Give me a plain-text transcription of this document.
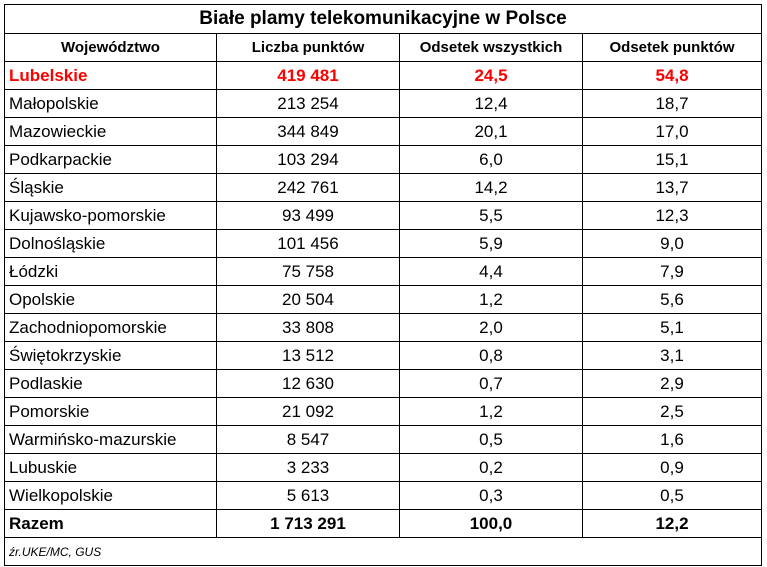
Białe plamy telekomunikacyjne w Polsce			
Województwo	Liczba punktów	Odsetek wszystkich	Odsetek punktów
Lubelskie	419 481	24,5	54,8
Małopolskie	213 254	12,4	18,7
Mazowieckie	344 849	20,1	17,0
Podkarpackie	103 294	6,0	15,1
Śląskie	242 761	14,2	13,7
Kujawsko-pomorskie	93 499	5,5	12,3
Dolnośląskie	101 456	5,9	9,0
Łódzki	75 758	4,4	7,9
Opolskie	20 504	1,2	5,6
Zachodniopomorskie	33 808	2,0	5,1
Świętokrzyskie	13 512	0,8	3,1
Podlaskie	12 630	0,7	2,9
Pomorskie	21 092	1,2	2,5
Warmińsko-mazurskie	8 547	0,5	1,6
Lubuskie	3 233	0,2	0,9
Wielkopolskie	5 613	0,3	0,5
Razem	1 713 291	100,0	12,2
źr.UKE/MC, GUS			
